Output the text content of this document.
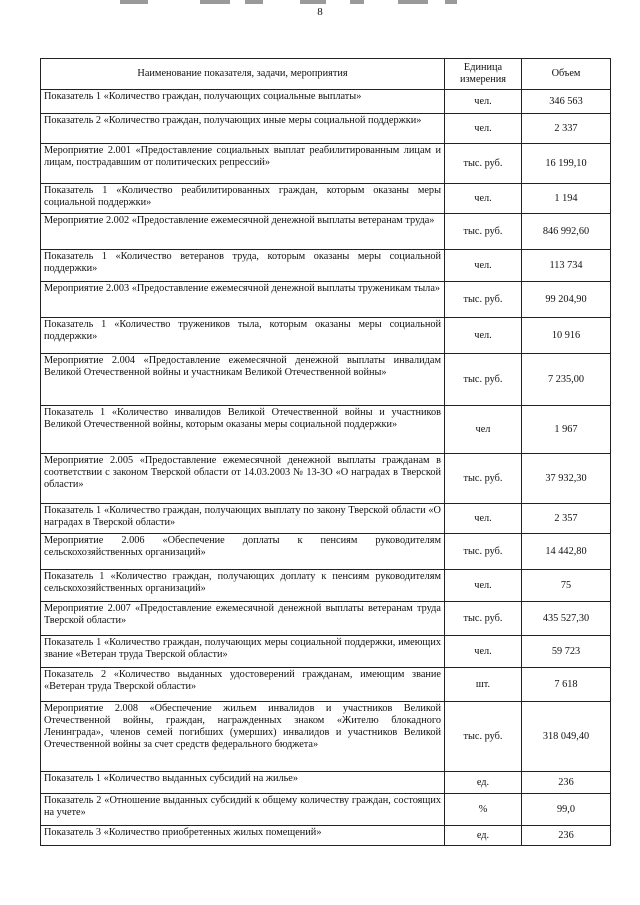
8
Наименование показателя, задачи, мероприятия	Единица измерения	Объем
Показатель 1 «Количество граждан, получающих социальные выплаты»	чел.	346 563
Показатель 2 «Количество граждан, получающих иные меры социальной поддержки»	чел.	2 337
Мероприятие 2.001 «Предоставление социальных выплат реабилитированным лицам и лицам, пострадавшим от политических репрессий»	тыс. руб.	16 199,10
Показатель 1 «Количество реабилитированных граждан, которым оказаны меры социальной поддержки»	чел.	1 194
Мероприятие 2.002 «Предоставление ежемесячной денежной выплаты ветеранам труда»	тыс. руб.	846 992,60
Показатель 1 «Количество ветеранов труда, которым оказаны меры социальной поддержки»	чел.	113 734
Мероприятие 2.003 «Предоставление ежемесячной денежной выплаты труженикам тыла»	тыс. руб.	99 204,90
Показатель 1 «Количество тружеников тыла, которым оказаны меры социальной поддержки»	чел.	10 916
Мероприятие 2.004 «Предоставление ежемесячной денежной выплаты инвалидам Великой Отечественной войны и участникам Великой Отечественной войны»	тыс. руб.	7 235,00
Показатель 1 «Количество инвалидов Великой Отечественной войны и участников Великой Отечественной войны, которым оказаны меры социальной поддержки»	чел	1 967
Мероприятие 2.005 «Предоставление ежемесячной денежной выплаты гражданам в соответствии с законом Тверской области от 14.03.2003 № 13-ЗО «О наградах в Тверской области»	тыс. руб.	37 932,30
Показатель 1 «Количество граждан, получающих выплату по закону Тверской области «О наградах в Тверской области»	чел.	2 357
Мероприятие 2.006 «Обеспечение доплаты к пенсиям руководителям сельскохозяйственных организаций»	тыс. руб.	14 442,80
Показатель 1 «Количество граждан, получающих доплату к пенсиям руководителям сельскохозяйственных организаций»	чел.	75
Мероприятие 2.007 «Предоставление ежемесячной денежной выплаты ветеранам труда Тверской области»	тыс. руб.	435 527,30
Показатель 1 «Количество граждан, получающих меры социальной поддержки, имеющих звание «Ветеран труда Тверской области»	чел.	59 723
Показатель 2 «Количество выданных удостоверений гражданам, имеющим звание «Ветеран труда Тверской области»	шт.	7 618
Мероприятие 2.008 «Обеспечение жильем инвалидов и участников Великой Отечественной войны, граждан, награжденных знаком «Жителю блокадного Ленинграда», членов семей погибших (умерших) инвалидов и участников Великой Отечественной войны за счет средств федерального бюджета»	тыс. руб.	318 049,40
Показатель 1 «Количество выданных субсидий на жилье»	ед.	236
Показатель 2 «Отношение выданных субсидий к общему количеству граждан, состоящих на учете»	%	99,0
Показатель 3 «Количество приобретенных жилых помещений»	ед.	236
